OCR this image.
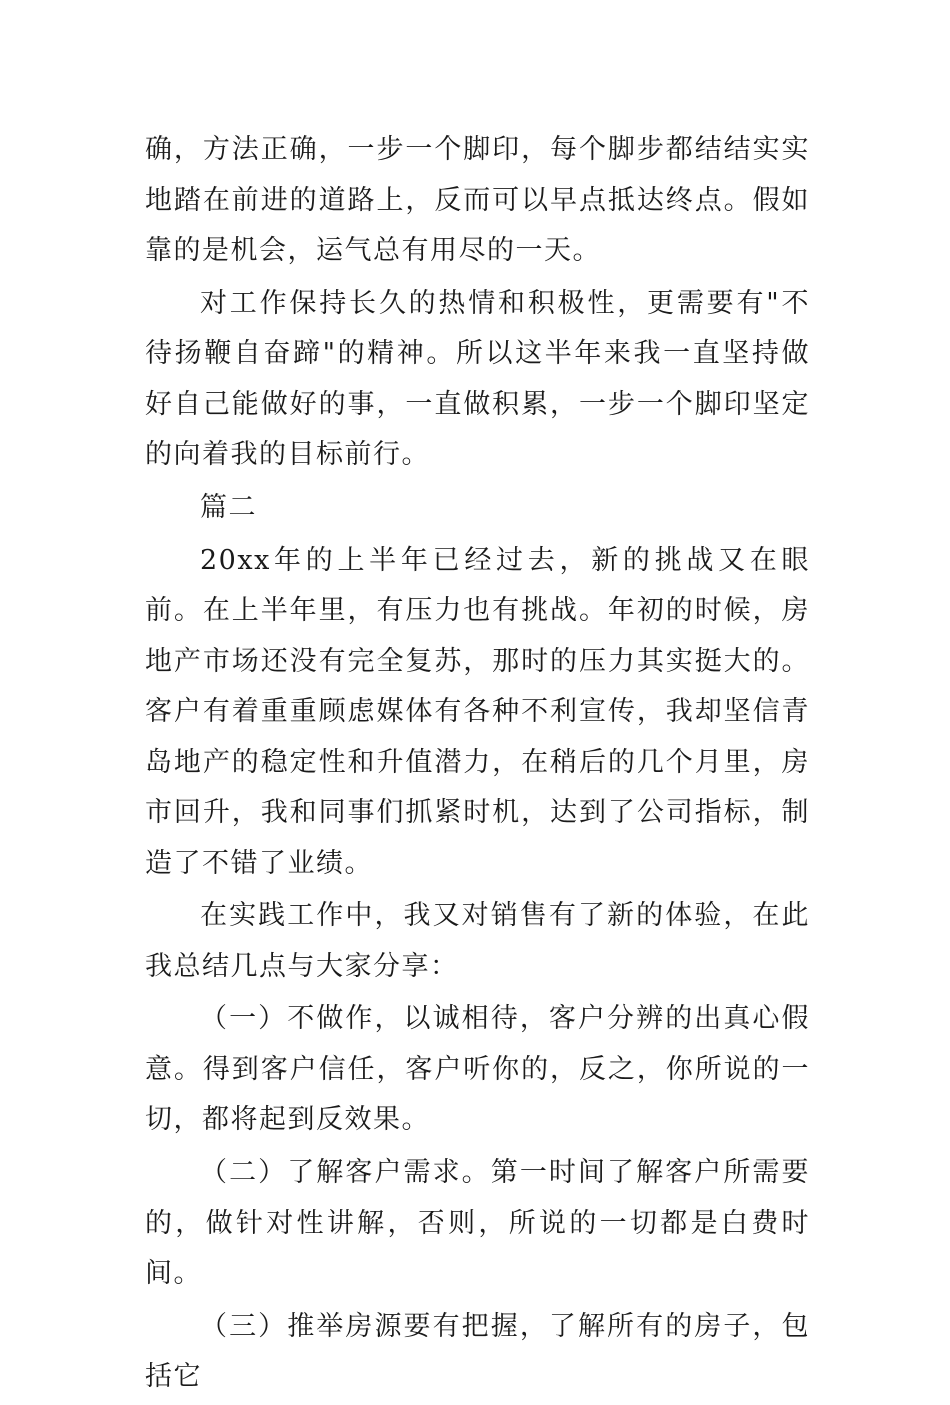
确，方法正确，一步一个脚印，每个脚步都结结实实地踏在前进的道路上，反而可以早点抵达终点。假如靠的是机会，运气总有用尽的一天。

对工作保持长久的热情和积极性，更需要有"不待扬鞭自奋蹄"的精神。所以这半年来我一直坚持做好自己能做好的事，一直做积累，一步一个脚印坚定的向着我的目标前行。

篇二

20xx年的上半年已经过去，新的挑战又在眼前。在上半年里，有压力也有挑战。年初的时候，房地产市场还没有完全复苏，那时的压力其实挺大的。客户有着重重顾虑媒体有各种不利宣传，我却坚信青岛地产的稳定性和升值潜力，在稍后的几个月里，房市回升，我和同事们抓紧时机，达到了公司指标，制造了不错了业绩。

在实践工作中，我又对销售有了新的体验，在此我总结几点与大家分享：

（一）不做作，以诚相待，客户分辨的出真心假意。得到客户信任，客户听你的，反之，你所说的一切，都将起到反效果。

（二）了解客户需求。第一时间了解客户所需要的，做针对性讲解，否则，所说的一切都是白费时间。

（三）推举房源要有把握，了解所有的房子，包括它
